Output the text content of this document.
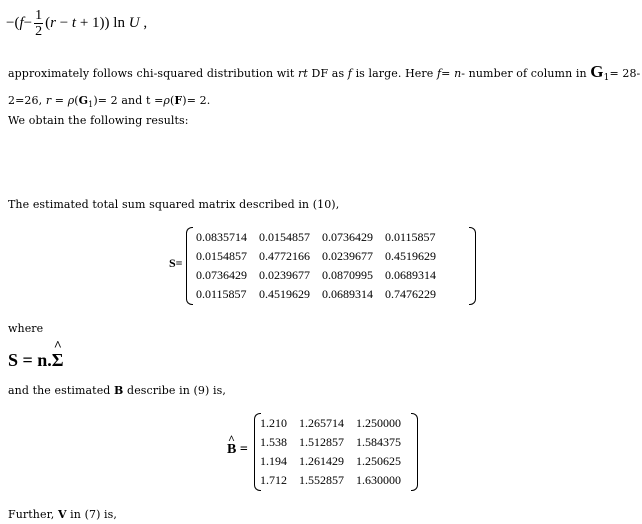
$-(f- \frac{1}{2} (r - t + 1))$ ln U ,
approximately follows chi-squared distribution wit rt DF as f is large. Here f= n- number of column in $G_1= 28-$
2=26, $r = \rho(G_1)= 2$ and t =ρ(F)= 2.
We obtain the following results:
The estimated total sum squared matrix described in (10),
S=
0.0835714	0.0154857	0.0736429	0.0115857
0.0154857	0.4772166	0.0239677	0.4519629
0.0736429	0.0239677	0.0870995	0.0689314
0.0115857	0.4519629	0.0689314	0.7476229
where
S = n.Σ
^
and the estimated B describe in (9) is,
B
^
=
1.210	1.265714	1.250000
1.538	1.512857	1.584375
1.194	1.261429	1.250625
1.712	1.552857	1.630000
Further, V in (7) is,
